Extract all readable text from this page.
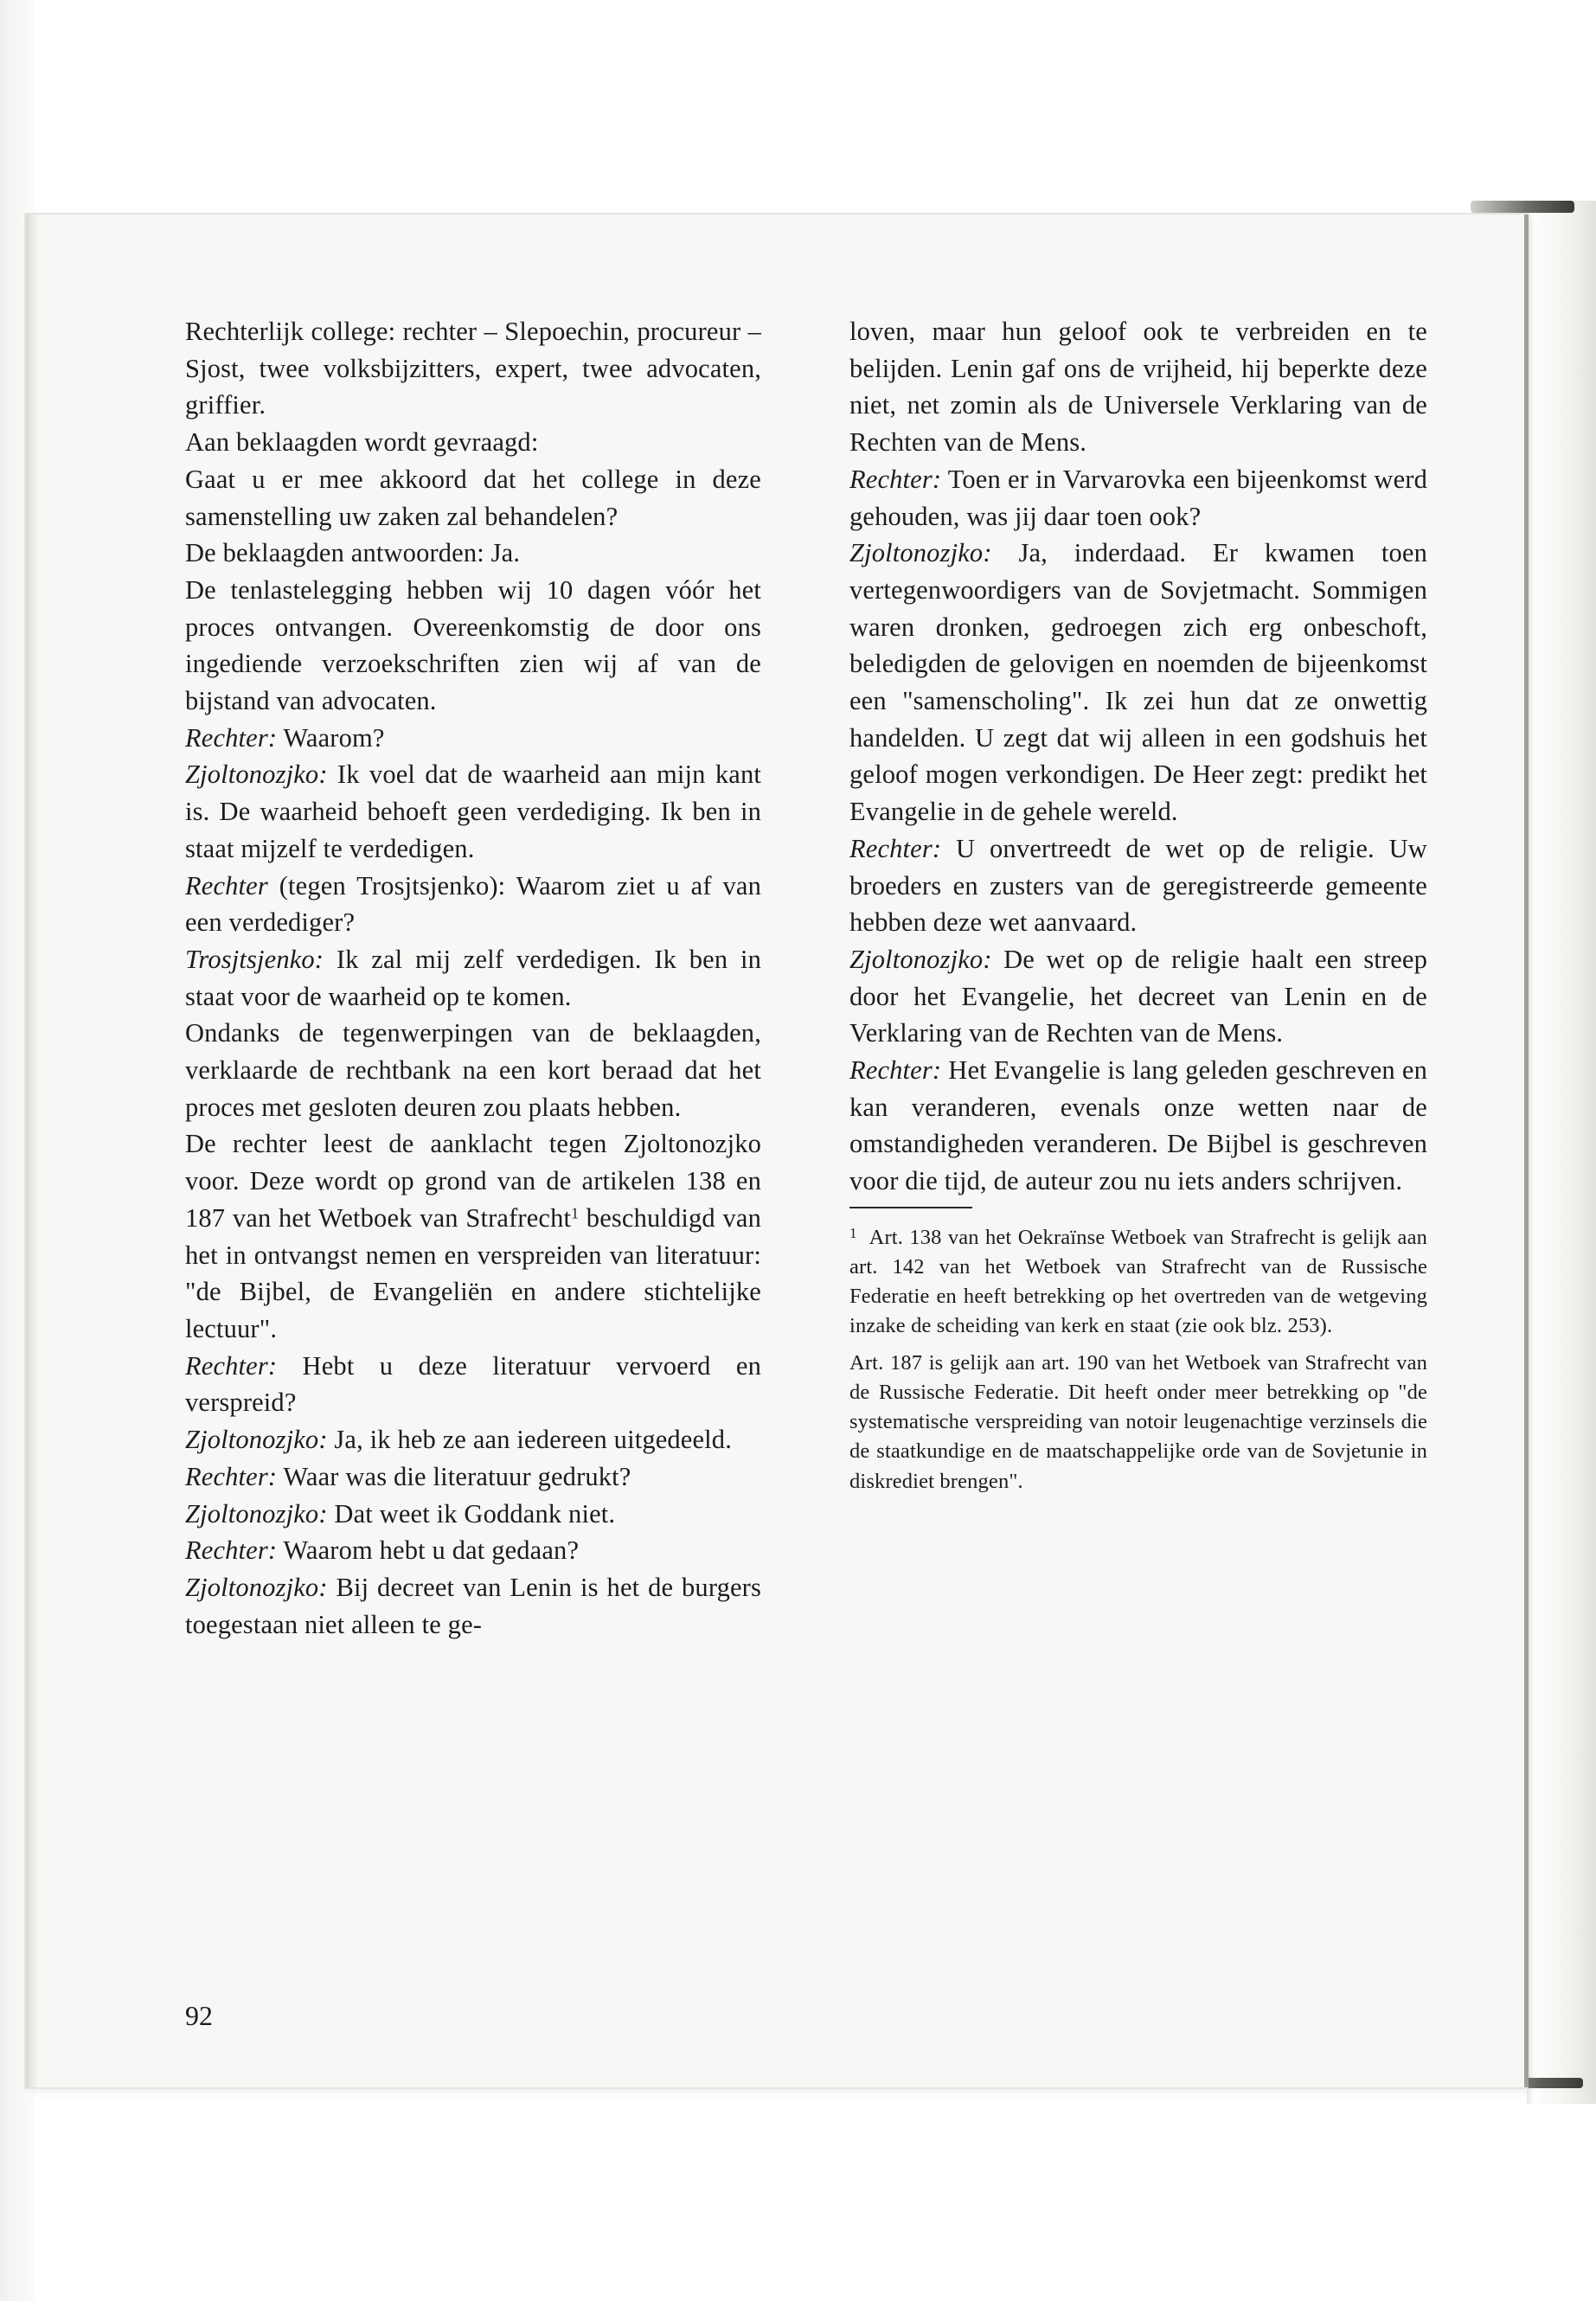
Rechterlijk college: rechter – Slepoechin, procureur – Sjost, twee volksbijzitters, expert, twee advocaten, griffier.

Aan beklaagden wordt gevraagd:

Gaat u er mee akkoord dat het college in deze samenstelling uw zaken zal behandelen?

De beklaagden antwoorden: Ja.

De tenlastelegging hebben wij 10 dagen vóór het proces ontvangen. Overeenkomstig de door ons ingediende verzoekschriften zien wij af van de bijstand van advocaten.

Rechter: Waarom?

Zjoltonozjko: Ik voel dat de waarheid aan mijn kant is. De waarheid behoeft geen verdediging. Ik ben in staat mijzelf te verdedigen.

Rechter (tegen Trosjtsjenko): Waarom ziet u af van een verdediger?

Trosjtsjenko: Ik zal mij zelf verdedigen. Ik ben in staat voor de waarheid op te komen.

Ondanks de tegenwerpingen van de beklaagden, verklaarde de rechtbank na een kort beraad dat het proces met gesloten deuren zou plaats hebben.

De rechter leest de aanklacht tegen Zjoltonozjko voor. Deze wordt op grond van de artikelen 138 en 187 van het Wetboek van Strafrecht$^1$ beschuldigd van het in ontvangst nemen en verspreiden van literatuur: "de Bijbel, de Evangeliën en andere stichtelijke lectuur".

Rechter: Hebt u deze literatuur vervoerd en verspreid?

Zjoltonozjko: Ja, ik heb ze aan iedereen uitgedeeld.

Rechter: Waar was die literatuur gedrukt?

Zjoltonozjko: Dat weet ik Goddank niet.

Rechter: Waarom hebt u dat gedaan?

Zjoltonozjko: Bij decreet van Lenin is het de burgers toegestaan niet alleen te ge-

loven, maar hun geloof ook te verbreiden en te belijden. Lenin gaf ons de vrijheid, hij beperkte deze niet, net zomin als de Universele Verklaring van de Rechten van de Mens.

Rechter: Toen er in Varvarovka een bijeenkomst werd gehouden, was jij daar toen ook?

Zjoltonozjko: Ja, inderdaad. Er kwamen toen vertegenwoordigers van de Sovjetmacht. Sommigen waren dronken, gedroegen zich erg onbeschoft, beledigden de gelovigen en noemden de bijeenkomst een "samenscholing". Ik zei hun dat ze onwettig handelden. U zegt dat wij alleen in een godshuis het geloof mogen verkondigen. De Heer zegt: predikt het Evangelie in de gehele wereld.

Rechter: U onvertreedt de wet op de religie. Uw broeders en zusters van de geregistreerde gemeente hebben deze wet aanvaard.

Zjoltonozjko: De wet op de religie haalt een streep door het Evangelie, het decreet van Lenin en de Verklaring van de Rechten van de Mens.

Rechter: Het Evangelie is lang geleden geschreven en kan veranderen, evenals onze wetten naar de omstandigheden veranderen. De Bijbel is geschreven voor die tijd, de auteur zou nu iets anders schrijven.

$^1$ Art. 138 van het Oekraïnse Wetboek van Strafrecht is gelijk aan art. 142 van het Wetboek van Strafrecht van de Russische Federatie en heeft betrekking op het overtreden van de wetgeving inzake de scheiding van kerk en staat (zie ook blz. 253).

Art. 187 is gelijk aan art. 190 van het Wetboek van Strafrecht van de Russische Federatie. Dit heeft onder meer betrekking op "de systematische verspreiding van notoir leugenachtige verzinsels die de staatkundige en de maatschappelijke orde van de Sovjetunie in diskrediet brengen".

92
